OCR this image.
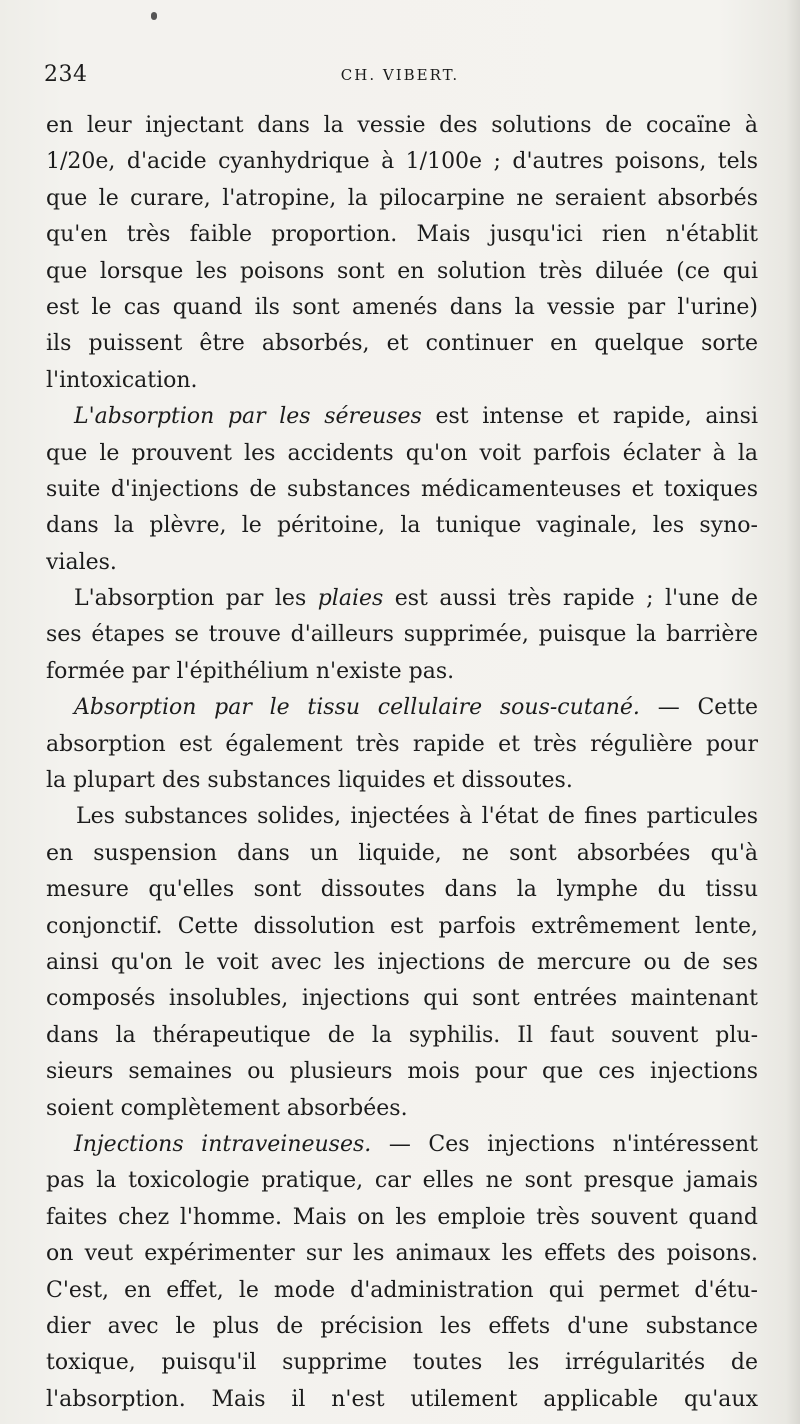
234	CH. VIBERT.
en leur injectant dans la vessie des solutions de cocaïne à
1/20e, d'acide cyanhydrique à 1/100e ; d'autres poisons, tels
que le curare, l'atropine, la pilocarpine ne seraient absorbés
qu'en très faible proportion. Mais jusqu'ici rien n'établit
que lorsque les poisons sont en solution très diluée (ce qui
est le cas quand ils sont amenés dans la vessie par l'urine)
ils puissent être absorbés, et continuer en quelque sorte
l'intoxication.
L'absorption par les séreuses est intense et rapide, ainsi
que le prouvent les accidents qu'on voit parfois éclater à la
suite d'injections de substances médicamenteuses et toxiques
dans la plèvre, le péritoine, la tunique vaginale, les syno-
viales.
L'absorption par les plaies est aussi très rapide ; l'une de
ses étapes se trouve d'ailleurs supprimée, puisque la barrière
formée par l'épithélium n'existe pas.
Absorption par le tissu cellulaire sous-cutané. — Cette
absorption est également très rapide et très régulière pour
la plupart des substances liquides et dissoutes.
Les substances solides, injectées à l'état de fines particules
en suspension dans un liquide, ne sont absorbées qu'à
mesure qu'elles sont dissoutes dans la lymphe du tissu
conjonctif. Cette dissolution est parfois extrêmement lente,
ainsi qu'on le voit avec les injections de mercure ou de ses
composés insolubles, injections qui sont entrées maintenant
dans la thérapeutique de la syphilis. Il faut souvent plu-
sieurs semaines ou plusieurs mois pour que ces injections
soient complètement absorbées.
Injections intraveineuses. — Ces injections n'intéressent
pas la toxicologie pratique, car elles ne sont presque jamais
faites chez l'homme. Mais on les emploie très souvent quand
on veut expérimenter sur les animaux les effets des poisons.
C'est, en effet, le mode d'administration qui permet d'étu-
dier avec le plus de précision les effets d'une substance
toxique, puisqu'il supprime toutes les irrégularités de
l'absorption. Mais il n'est utilement applicable qu'aux
